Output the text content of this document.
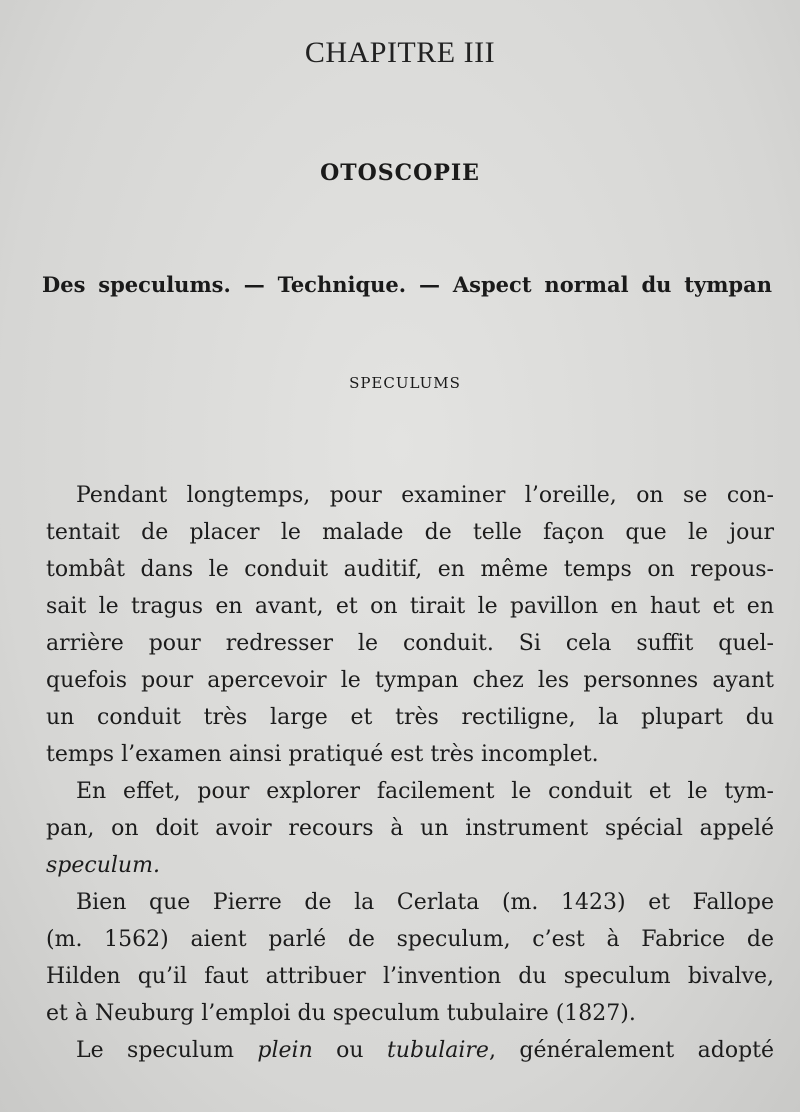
CHAPITRE III
OTOSCOPIE
Des speculums. — Technique. — Aspect normal du tympan
SPECULUMS
Pendant longtemps, pour examiner l’oreille, on se con-
tentait de placer le malade de telle façon que le jour
tombât dans le conduit auditif, en même temps on repous-
sait le tragus en avant, et on tirait le pavillon en haut et en
arrière pour redresser le conduit. Si cela suffit quel-
quefois pour apercevoir le tympan chez les personnes ayant
un conduit très large et très rectiligne, la plupart du
temps l’examen ainsi pratiqué est très incomplet.
En effet, pour explorer facilement le conduit et le tym-
pan, on doit avoir recours à un instrument spécial appelé
speculum.
Bien que Pierre de la Cerlata (m. 1423) et Fallope
(m. 1562) aient parlé de speculum, c’est à Fabrice de
Hilden qu’il faut attribuer l’invention du speculum bivalve,
et à Neuburg l’emploi du speculum tubulaire (1827).
Le speculum plein ou tubulaire, généralement adopté
